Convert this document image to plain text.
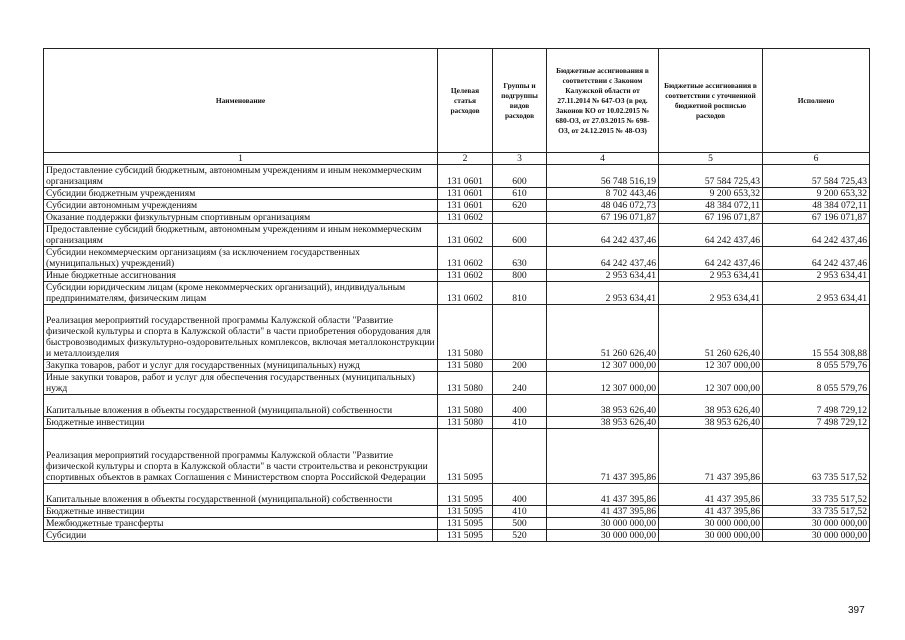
Наименование	Целевая статья расходов	Группы и подгруппы видов расходов	Бюджетные ассигнования в соответствии с Законом Калужской области от 27.11.2014 № 647-ОЗ (в ред. Законов КО от 10.02.2015 № 680-ОЗ, от 27.03.2015 № 698-ОЗ, от 24.12.2015 № 48-ОЗ)	Бюджетные ассигнования в соответствии с уточненной бюджетной росписью расходов	Исполнено
1	2	3	4	5	6
Предоставление субсидий бюджетным, автономным учреждениям и иным некоммерческим организациям	131 0601	600	56 748 516,19	57 584 725,43	57 584 725,43
Субсидии бюджетным учреждениям	131 0601	610	8 702 443,46	9 200 653,32	9 200 653,32
Субсидии автономным учреждениям	131 0601	620	48 046 072,73	48 384 072,11	48 384 072,11
Оказание поддержки физкультурным спортивным организациям	131 0602		67 196 071,87	67 196 071,87	67 196 071,87
Предоставление субсидий бюджетным, автономным учреждениям и иным некоммерческим организациям	131 0602	600	64 242 437,46	64 242 437,46	64 242 437,46
Субсидии некоммерческим организациям (за исключением государственных (муниципальных) учреждений)	131 0602	630	64 242 437,46	64 242 437,46	64 242 437,46
Иные бюджетные ассигнования	131 0602	800	2 953 634,41	2 953 634,41	2 953 634,41
Субсидии юридическим лицам (кроме некоммерческих организаций), индивидуальным предпринимателям, физическим лицам	131 0602	810	2 953 634,41	2 953 634,41	2 953 634,41
Реализация мероприятий государственной программы Калужской области "Развитие физической культуры и спорта в Калужской области" в части приобретения оборудования для быстровозводимых физкультурно-оздоровительных комплексов, включая металлоконструкции и металлоизделия	131 5080		51 260 626,40	51 260 626,40	15 554 308,88
Закупка товаров, работ и услуг для государственных (муниципальных) нужд	131 5080	200	12 307 000,00	12 307 000,00	8 055 579,76
Иные закупки товаров, работ и услуг для обеспечения государственных (муниципальных) нужд	131 5080	240	12 307 000,00	12 307 000,00	8 055 579,76
Капитальные вложения в объекты государственной (муниципальной) собственности	131 5080	400	38 953 626,40	38 953 626,40	7 498 729,12
Бюджетные инвестиции	131 5080	410	38 953 626,40	38 953 626,40	7 498 729,12
Реализация мероприятий государственной программы Калужской области "Развитие физической культуры и спорта в Калужской области" в части строительства и реконструкции спортивных объектов в рамках Соглашения с Министерством спорта Российской Федерации	131 5095		71 437 395,86	71 437 395,86	63 735 517,52
Капитальные вложения в объекты государственной (муниципальной) собственности	131 5095	400	41 437 395,86	41 437 395,86	33 735 517,52
Бюджетные инвестиции	131 5095	410	41 437 395,86	41 437 395,86	33 735 517,52
Межбюджетные трансферты	131 5095	500	30 000 000,00	30 000 000,00	30 000 000,00
Субсидии	131 5095	520	30 000 000,00	30 000 000,00	30 000 000,00
397
